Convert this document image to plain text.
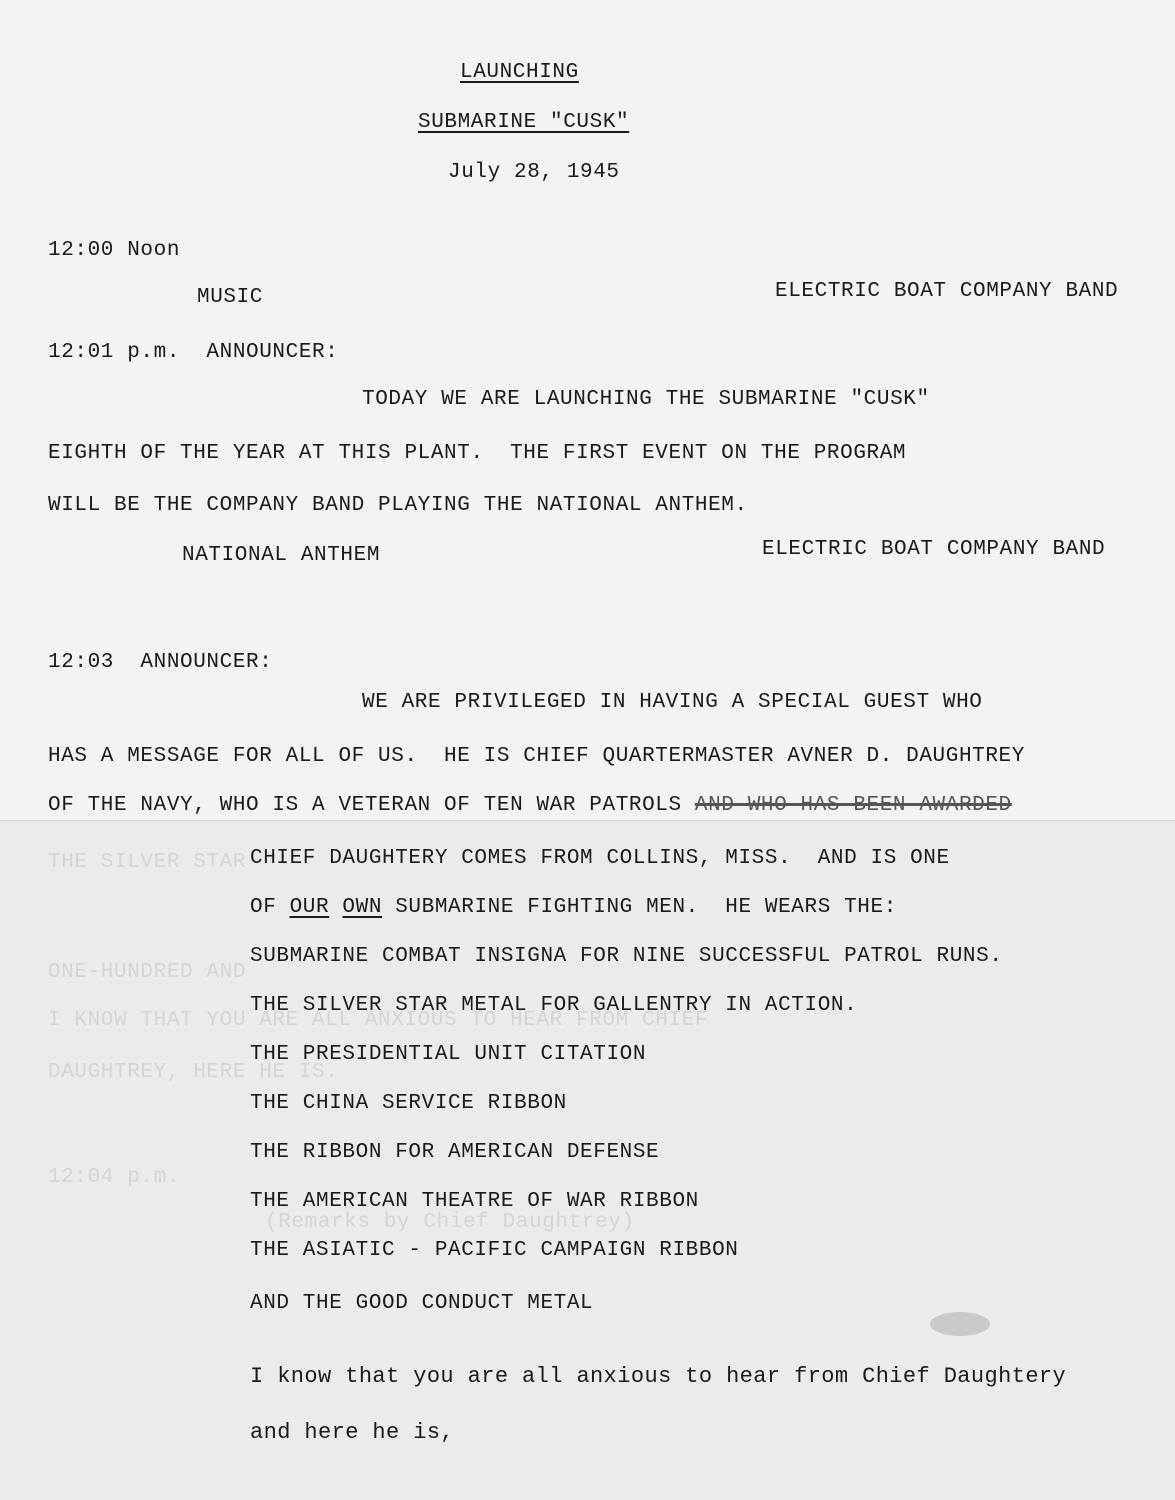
LAUNCHING
SUBMARINE "CUSK"
July 28, 1945
12:00 Noon
MUSIC	ELECTRIC BOAT COMPANY BAND
12:01 p.m.  ANNOUNCER:
TODAY WE ARE LAUNCHING THE SUBMARINE "CUSK"
EIGHTH OF THE YEAR AT THIS PLANT.  THE FIRST EVENT ON THE PROGRAM
WILL BE THE COMPANY BAND PLAYING THE NATIONAL ANTHEM.
NATIONAL ANTHEM	ELECTRIC BOAT COMPANY BAND
12:03  ANNOUNCER:
WE ARE PRIVILEGED IN HAVING A SPECIAL GUEST WHO
HAS A MESSAGE FOR ALL OF US.  HE IS CHIEF QUARTERMASTER AVNER D. DAUGHTREY
OF THE NAVY, WHO IS A VETERAN OF TEN WAR PATROLS AND WHO HAS BEEN AWARDED
THE SILVER STAR
ONE-HUNDRED AND
I KNOW THAT YOU ARE ALL ANXIOUS TO HEAR FROM CHIEF
DAUGHTREY, HERE HE IS.
12:04 p.m.
(Remarks by Chief Daughtrey)
CHIEF DAUGHTERY COMES FROM COLLINS, MISS.  AND IS ONE
OF OUR OWN SUBMARINE FIGHTING MEN.  HE WEARS THE:
SUBMARINE COMBAT INSIGNA FOR NINE SUCCESSFUL PATROL RUNS.
THE SILVER STAR METAL FOR GALLENTRY IN ACTION.
THE PRESIDENTIAL UNIT CITATION
THE CHINA SERVICE RIBBON
THE RIBBON FOR AMERICAN DEFENSE
THE AMERICAN THEATRE OF WAR RIBBON
THE ASIATIC - PACIFIC CAMPAIGN RIBBON
AND THE GOOD CONDUCT METAL
I know that you are all anxious to hear from Chief Daughtery
and here he is,
